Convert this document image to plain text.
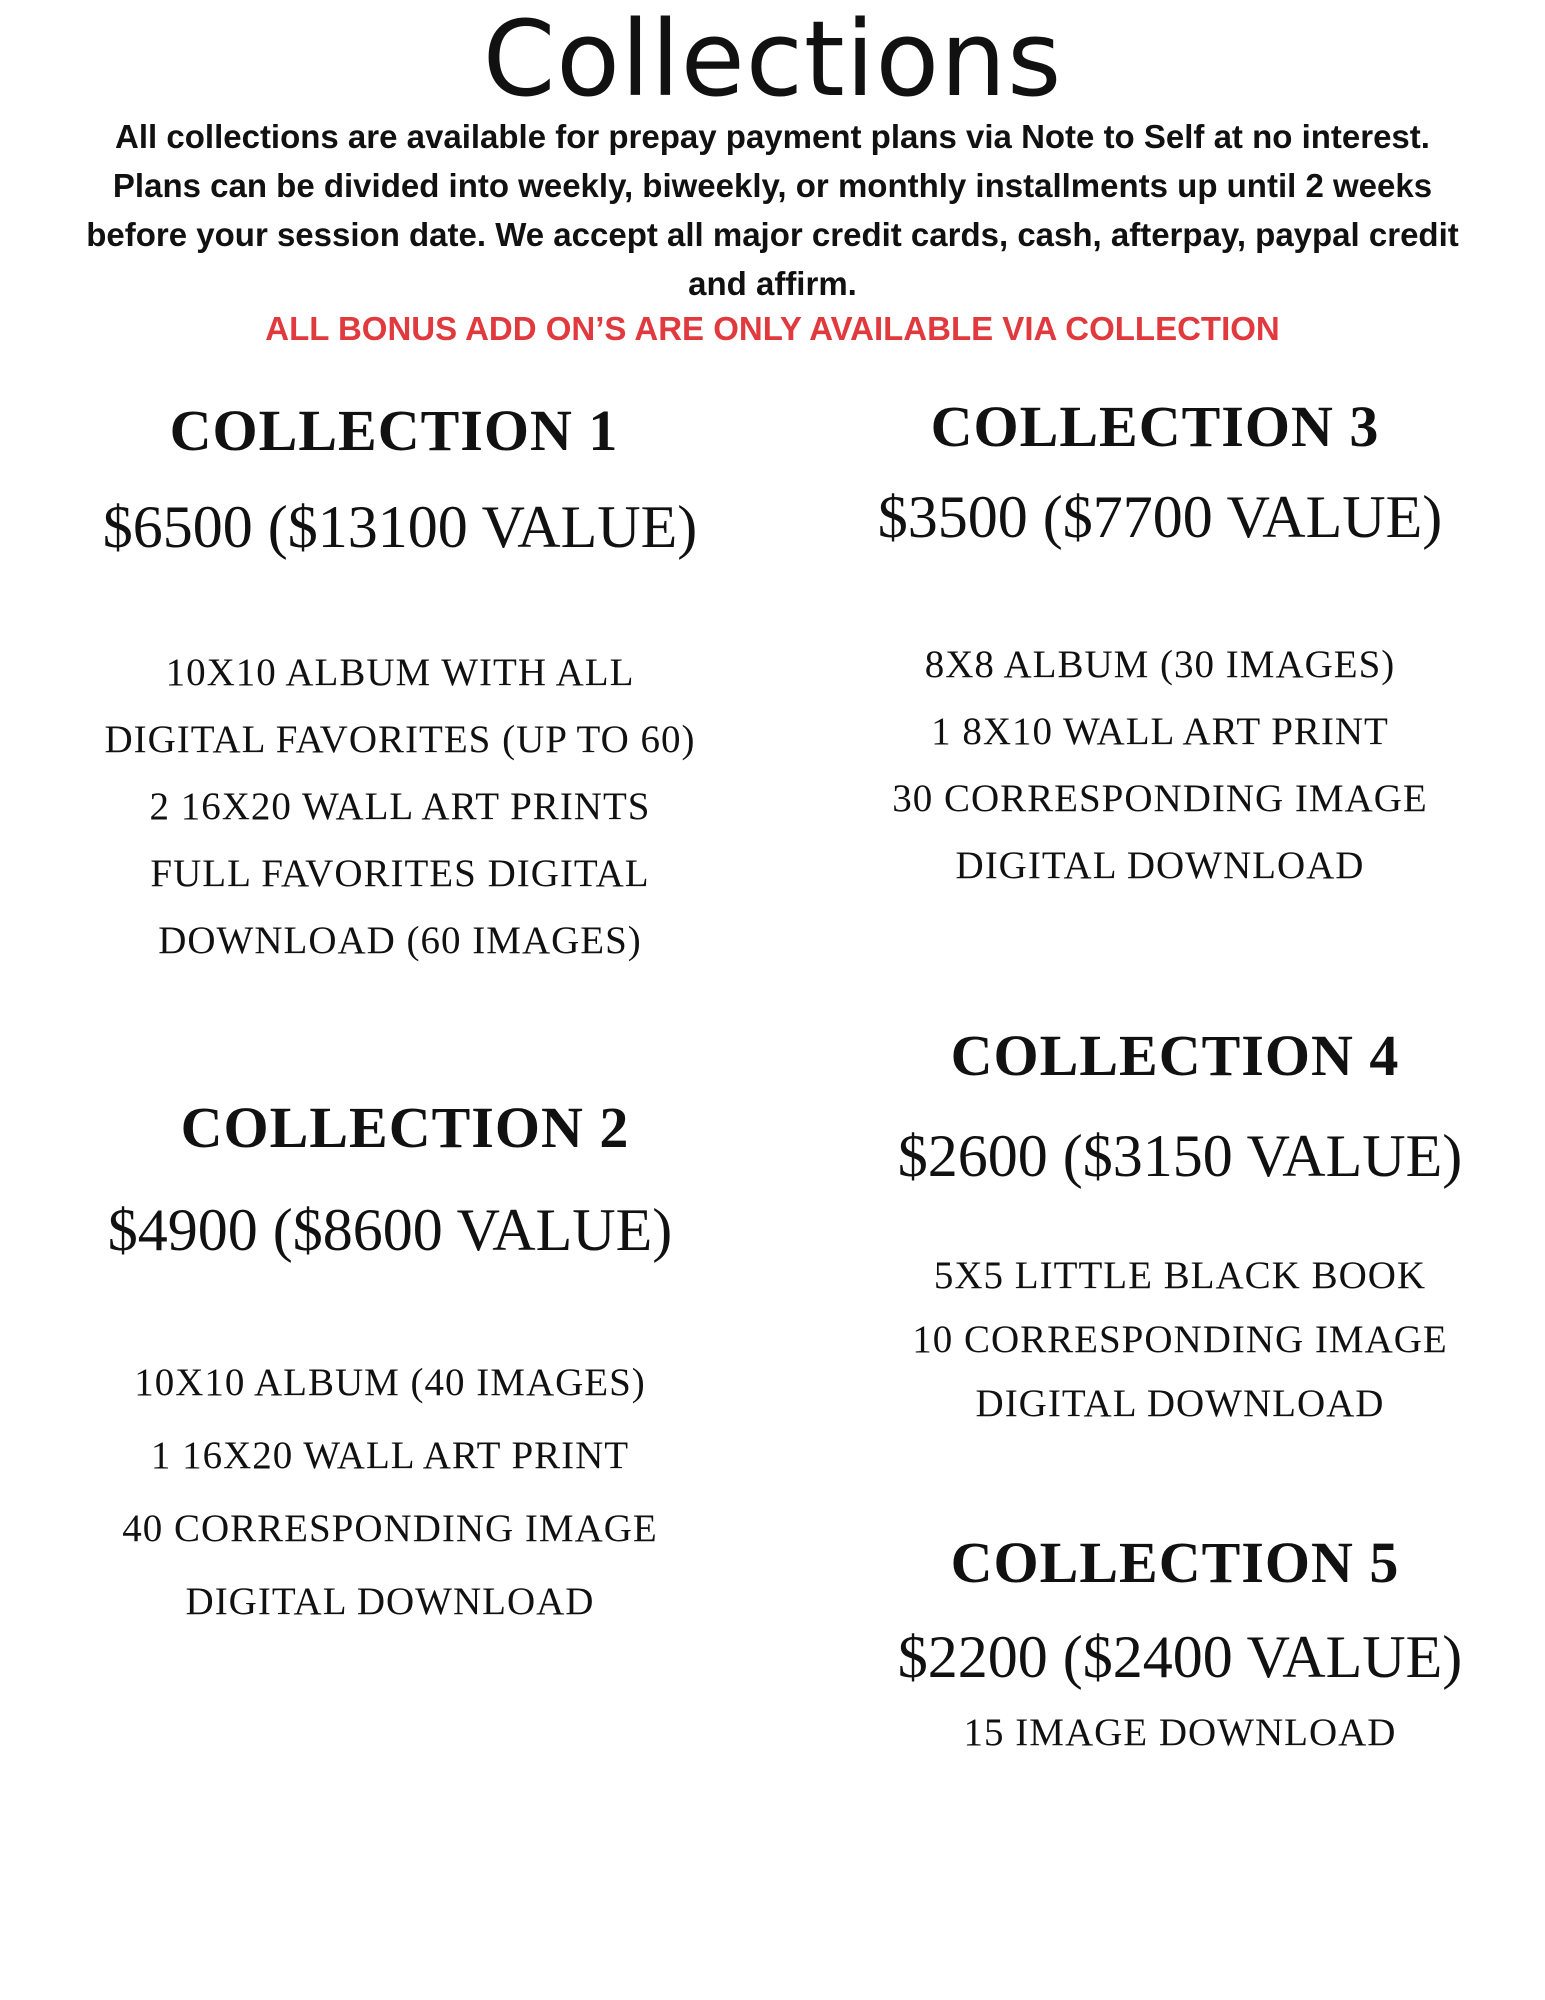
Collections

All collections are available for prepay payment plans via Note to Self at no interest.

Plans can be divided into weekly, biweekly, or monthly installments up until 2 weeks

before your session date. We accept all major credit cards, cash, afterpay, paypal credit

and affirm.

ALL BONUS ADD ON’S ARE ONLY AVAILABLE VIA COLLECTION

COLLECTION 1

$6500 ($13100 VALUE)

10X10 ALBUM WITH ALL
DIGITAL FAVORITES (UP TO 60)
2 16X20 WALL ART PRINTS
FULL FAVORITES DIGITAL
DOWNLOAD (60 IMAGES)

COLLECTION 2

$4900 ($8600 VALUE)

10X10 ALBUM (40 IMAGES)
1 16X20 WALL ART PRINT
40 CORRESPONDING IMAGE
DIGITAL DOWNLOAD

COLLECTION 3

$3500 ($7700 VALUE)

8X8 ALBUM (30 IMAGES)
1 8X10 WALL ART PRINT
30 CORRESPONDING IMAGE
DIGITAL DOWNLOAD

COLLECTION 4

$2600 ($3150 VALUE)

5X5 LITTLE BLACK BOOK
10 CORRESPONDING IMAGE
DIGITAL DOWNLOAD

COLLECTION 5

$2200 ($2400 VALUE)

15 IMAGE DOWNLOAD
